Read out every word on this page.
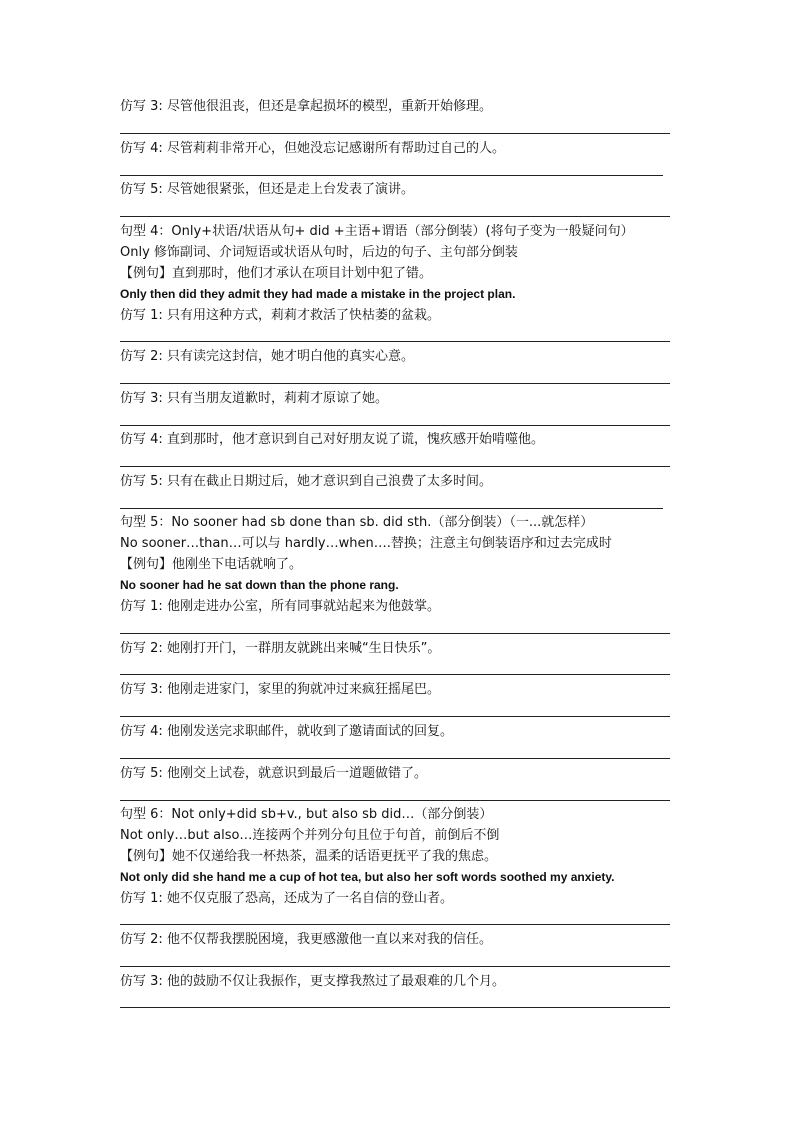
仿写 3: 尽管他很沮丧，但还是拿起损坏的模型，重新开始修理。
仿写 4: 尽管莉莉非常开心，但她没忘记感谢所有帮助过自己的人。
仿写 5: 尽管她很紧张，但还是走上台发表了演讲。
句型 4：Only+状语/状语从句+ did +主语+谓语（部分倒装）(将句子变为一般疑问句）
Only 修饰副词、介词短语或状语从句时，后边的句子、主句部分倒装
【例句】直到那时，他们才承认在项目计划中犯了错。
Only then did they admit they had made a mistake in the project plan.
仿写 1: 只有用这种方式，莉莉才救活了快枯萎的盆栽。
仿写 2: 只有读完这封信，她才明白他的真实心意。
仿写 3: 只有当朋友道歉时，莉莉才原谅了她。
仿写 4: 直到那时，他才意识到自己对好朋友说了谎，愧疚感开始啃噬他。
仿写 5: 只有在截止日期过后，她才意识到自己浪费了太多时间。
句型 5：No sooner had sb done than sb. did sth.（部分倒装）（一...就怎样）
No sooner…than…可以与 hardly…when….替换；注意主句倒装语序和过去完成时
【例句】他刚坐下电话就响了。
No sooner had he sat down than the phone rang.
仿写 1: 他刚走进办公室，所有同事就站起来为他鼓掌。
仿写 2: 她刚打开门，一群朋友就跳出来喊“生日快乐”。
仿写 3: 他刚走进家门，家里的狗就冲过来疯狂摇尾巴。
仿写 4: 他刚发送完求职邮件，就收到了邀请面试的回复。
仿写 5: 他刚交上试卷，就意识到最后一道题做错了。
句型 6：Not only+did sb+v., but also sb did…（部分倒装）
Not only…but also…连接两个并列分句且位于句首，前倒后不倒
【例句】她不仅递给我一杯热茶，温柔的话语更抚平了我的焦虑。
Not only did she hand me a cup of hot tea, but also her soft words soothed my anxiety.
仿写 1: 她不仅克服了恐高，还成为了一名自信的登山者。
仿写 2: 他不仅帮我摆脱困境，我更感激他一直以来对我的信任。
仿写 3: 他的鼓励不仅让我振作，更支撑我熬过了最艰难的几个月。
